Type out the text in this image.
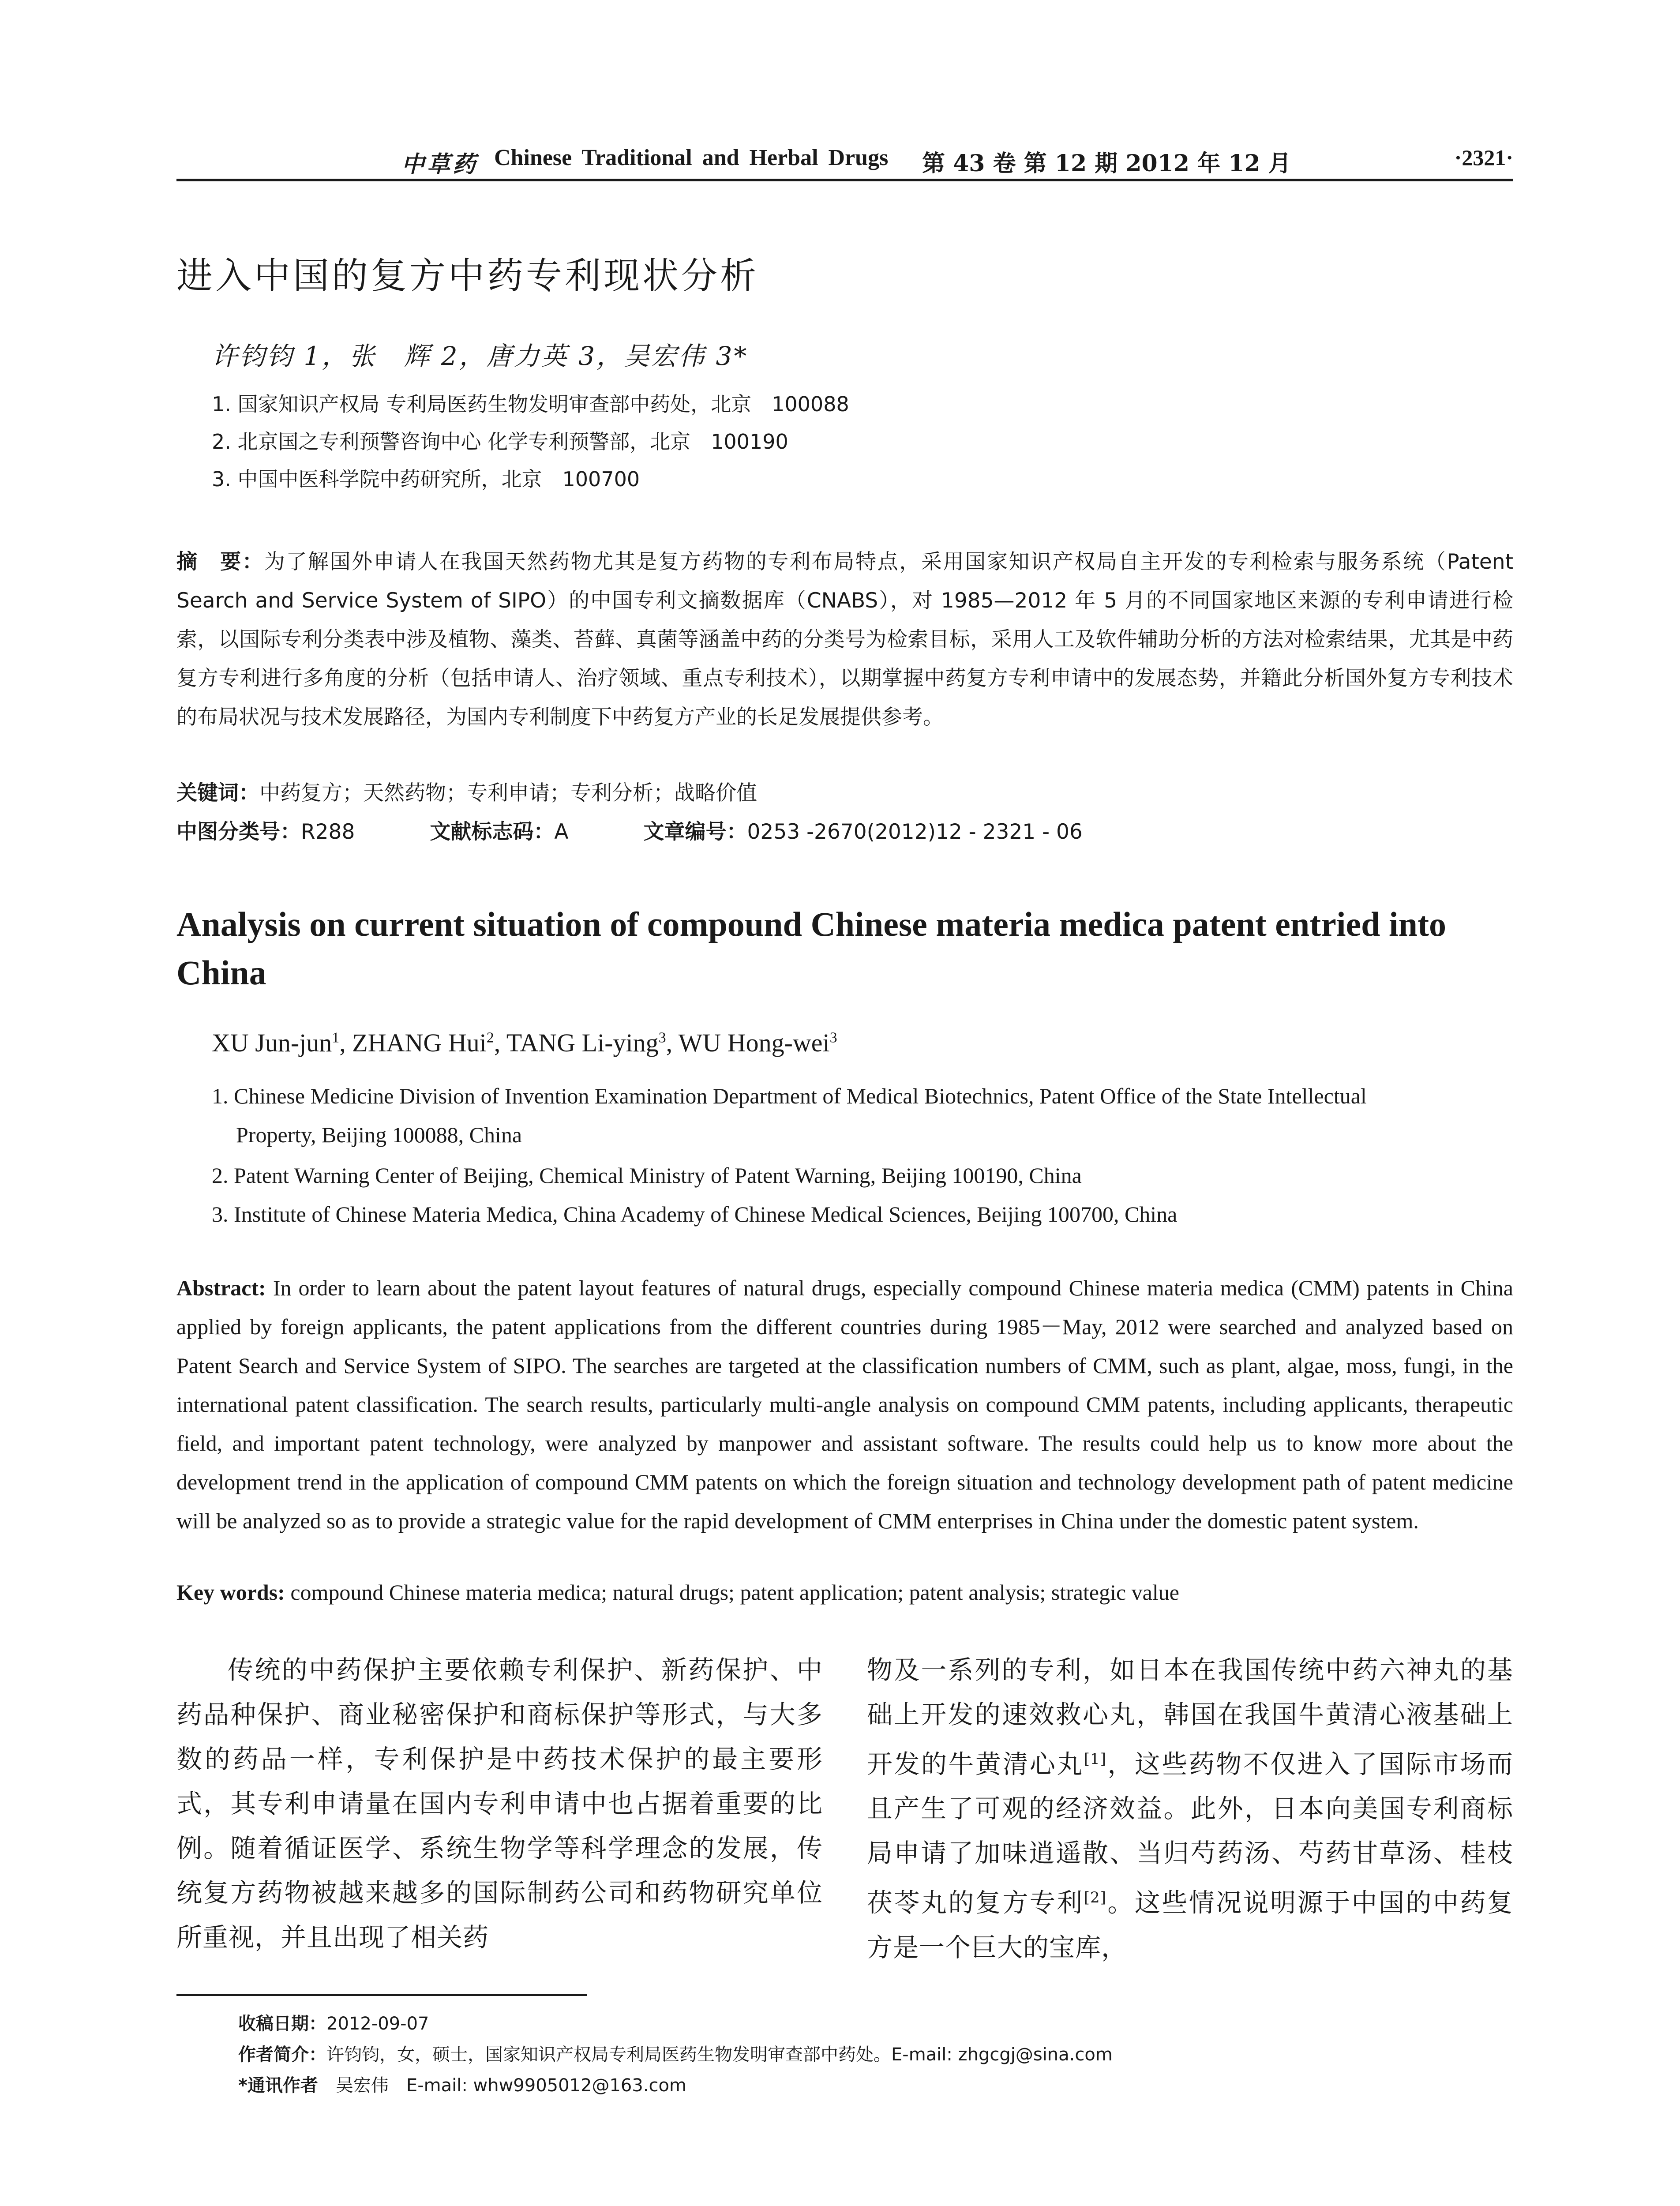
中草药 Chinese Traditional and Herbal Drugs 第 43 卷 第 12 期 2012 年 12 月	·2321·
进入中国的复方中药专利现状分析
许钧钧 1，张　辉 2，唐力英 3，吴宏伟 3*
1. 国家知识产权局 专利局医药生物发明审查部中药处，北京　100088
2. 北京国之专利预警咨询中心 化学专利预警部，北京　100190
3. 中国中医科学院中药研究所，北京　100700
摘　要：为了解国外申请人在我国天然药物尤其是复方药物的专利布局特点，采用国家知识产权局自主开发的专利检索与服务系统（Patent Search and Service System of SIPO）的中国专利文摘数据库（CNABS），对 1985—2012 年 5 月的不同国家地区来源的专利申请进行检索，以国际专利分类表中涉及植物、藻类、苔藓、真菌等涵盖中药的分类号为检索目标，采用人工及软件辅助分析的方法对检索结果，尤其是中药复方专利进行多角度的分析（包括申请人、治疗领域、重点专利技术），以期掌握中药复方专利申请中的发展态势，并籍此分析国外复方专利技术的布局状况与技术发展路径，为国内专利制度下中药复方产业的长足发展提供参考。
关键词：中药复方；天然药物；专利申请；专利分析；战略价值
中图分类号：R288	文献标志码：A	文章编号：0253 -2670(2012)12 - 2321 - 06
Analysis on current situation of compound Chinese materia medica patent entried into China
XU Jun-jun$^1$, ZHANG Hui$^2$, TANG Li-ying$^3$, WU Hong-wei$^3$
1. Chinese Medicine Division of Invention Examination Department of Medical Biotechnics, Patent Office of the State Intellectual
Property, Beijing 100088, China
2. Patent Warning Center of Beijing, Chemical Ministry of Patent Warning, Beijing 100190, China
3. Institute of Chinese Materia Medica, China Academy of Chinese Medical Sciences, Beijing 100700, China
Abstract: In order to learn about the patent layout features of natural drugs, especially compound Chinese materia medica (CMM) patents in China applied by foreign applicants, the patent applications from the different countries during 1985－May, 2012 were searched and analyzed based on Patent Search and Service System of SIPO. The searches are targeted at the classification numbers of CMM, such as plant, algae, moss, fungi, in the international patent classification. The search results, particularly multi-angle analysis on compound CMM patents, including applicants, therapeutic field, and important patent technology, were analyzed by manpower and assistant software. The results could help us to know more about the development trend in the application of compound CMM patents on which the foreign situation and technology development path of patent medicine will be analyzed so as to provide a strategic value for the rapid development of CMM enterprises in China under the domestic patent system.
Key words: compound Chinese materia medica; natural drugs; patent application; patent analysis; strategic value
传统的中药保护主要依赖专利保护、新药保护、中药品种保护、商业秘密保护和商标保护等形式，与大多数的药品一样，专利保护是中药技术保护的最主要形式，其专利申请量在国内专利申请中也占据着重要的比例。随着循证医学、系统生物学等科学理念的发展，传统复方药物被越来越多的国际制药公司和药物研究单位所重视，并且出现了相关药
物及一系列的专利，如日本在我国传统中药六神丸的基础上开发的速效救心丸，韩国在我国牛黄清心液基础上开发的牛黄清心丸[1]，这些药物不仅进入了国际市场而且产生了可观的经济效益。此外，日本向美国专利商标局申请了加味逍遥散、当归芍药汤、芍药甘草汤、桂枝茯苓丸的复方专利[2]。这些情况说明源于中国的中药复方是一个巨大的宝库，
收稿日期：2012-09-07
作者简介：许钧钧，女，硕士，国家知识产权局专利局医药生物发明审查部中药处。E-mail: zhgcgj@sina.com
*通讯作者　吴宏伟　E-mail: whw9905012@163.com
